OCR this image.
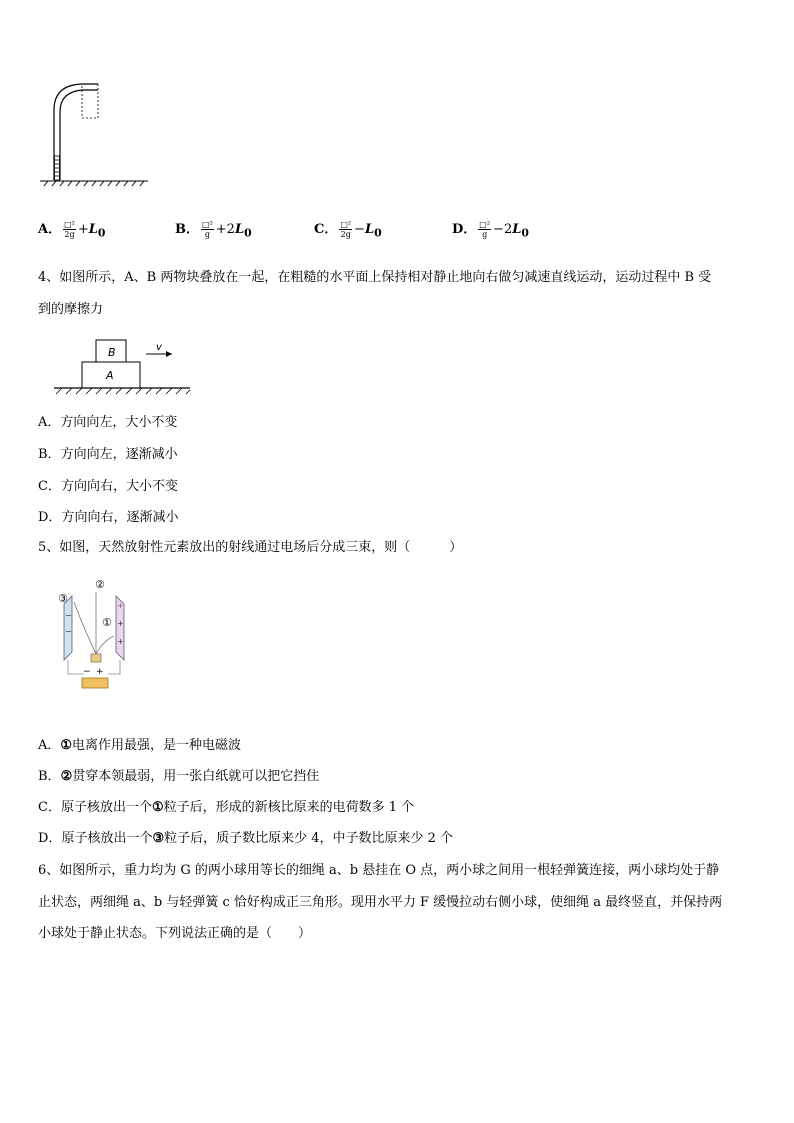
A． $\frac{\text{□²}}{2g} +L_0$	B． $\frac{\text{□²}}{g} +2L_0$	C． $\frac{\text{□²}}{2g} -L_0$	D． $\frac{\text{□²}}{g} -2L_0$
4、如图所示，A、B 两物块叠放在一起，在粗糙的水平面上保持相对静止地向右做匀减速直线运动，运动过程中 B 受
到的摩擦力
B
A
v
A．方向向左，大小不变
B．方向向左，逐渐减小
C．方向向右，大小不变
D．方向向右，逐渐减小
5、如图，天然放射性元素放出的射线通过电场后分成三束，则（　　　）
②
③
①
−
−
+
+
+
− +
A．①电离作用最强，是一种电磁波
B．②贯穿本领最弱，用一张白纸就可以把它挡住
C．原子核放出一个①粒子后，形成的新核比原来的电荷数多 1 个
D．原子核放出一个③粒子后，质子数比原来少 4，中子数比原来少 2 个
6、如图所示，重力均为 G 的两小球用等长的细绳 a、b 悬挂在 O 点，两小球之间用一根轻弹簧连接，两小球均处于静
止状态，两细绳 a、b 与轻弹簧 c 恰好构成正三角形。现用水平力 F 缓慢拉动右侧小球，使细绳 a 最终竖直，并保持两
小球处于静止状态。下列说法正确的是（　　）
